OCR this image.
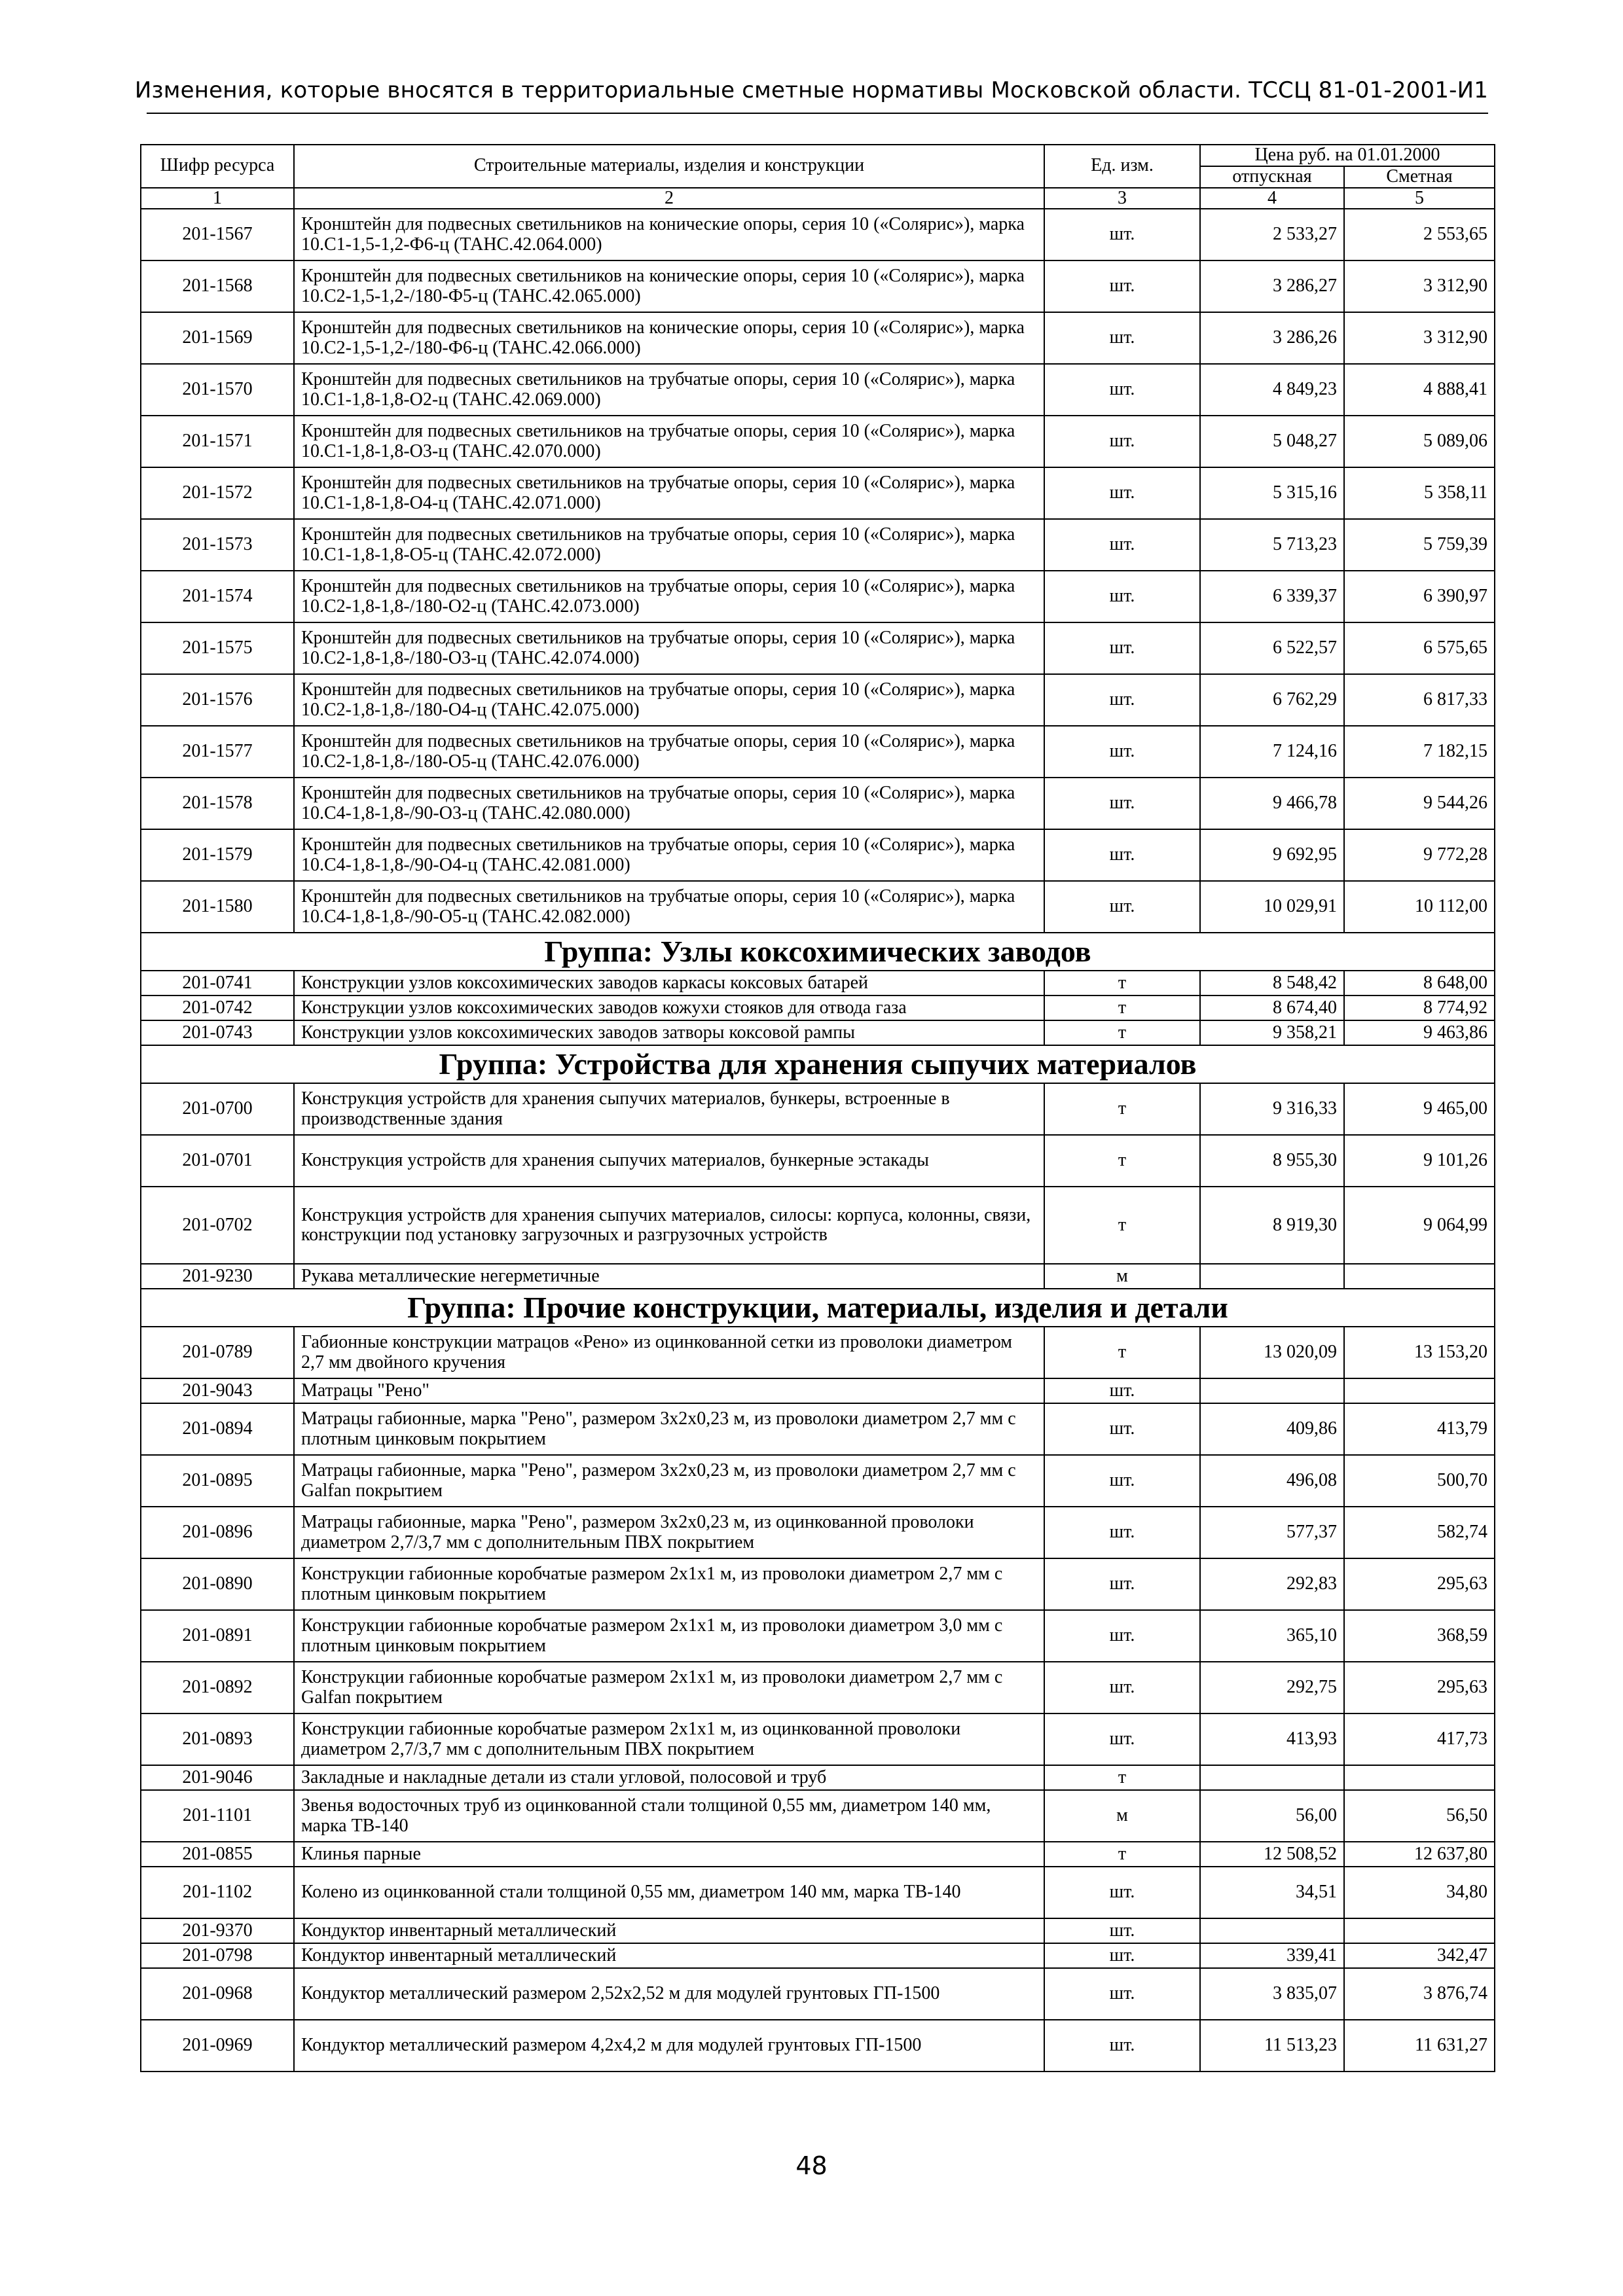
Изменения, которые вносятся в территориальные сметные нормативы Московской области. ТССЦ 81-01-2001-И1
Шифр ресурса	Строительные материалы, изделия и конструкции	Ед. изм.	Цена руб. на 01.01.2000	
			отпускная	Сметная
1	2	3	4	5
201-1567	Кронштейн для подвесных светильников на конические опоры, серия 10 («Солярис»), марка 10.С1-1,5-1,2-Ф6-ц (ТАНС.42.064.000)	шт.	2 533,27	2 553,65
201-1568	Кронштейн для подвесных светильников на конические опоры, серия 10 («Солярис»), марка 10.С2-1,5-1,2-/180-Ф5-ц (ТАНС.42.065.000)	шт.	3 286,27	3 312,90
201-1569	Кронштейн для подвесных светильников на конические опоры, серия 10 («Солярис»), марка 10.С2-1,5-1,2-/180-Ф6-ц (ТАНС.42.066.000)	шт.	3 286,26	3 312,90
201-1570	Кронштейн для подвесных светильников на трубчатые опоры, серия 10 («Солярис»), марка 10.С1-1,8-1,8-О2-ц (ТАНС.42.069.000)	шт.	4 849,23	4 888,41
201-1571	Кронштейн для подвесных светильников на трубчатые опоры, серия 10 («Солярис»), марка 10.С1-1,8-1,8-О3-ц (ТАНС.42.070.000)	шт.	5 048,27	5 089,06
201-1572	Кронштейн для подвесных светильников на трубчатые опоры, серия 10 («Солярис»), марка 10.С1-1,8-1,8-О4-ц (ТАНС.42.071.000)	шт.	5 315,16	5 358,11
201-1573	Кронштейн для подвесных светильников на трубчатые опоры, серия 10 («Солярис»), марка 10.С1-1,8-1,8-О5-ц (ТАНС.42.072.000)	шт.	5 713,23	5 759,39
201-1574	Кронштейн для подвесных светильников на трубчатые опоры, серия 10 («Солярис»), марка 10.С2-1,8-1,8-/180-О2-ц (ТАНС.42.073.000)	шт.	6 339,37	6 390,97
201-1575	Кронштейн для подвесных светильников на трубчатые опоры, серия 10 («Солярис»), марка 10.С2-1,8-1,8-/180-О3-ц (ТАНС.42.074.000)	шт.	6 522,57	6 575,65
201-1576	Кронштейн для подвесных светильников на трубчатые опоры, серия 10 («Солярис»), марка 10.С2-1,8-1,8-/180-О4-ц (ТАНС.42.075.000)	шт.	6 762,29	6 817,33
201-1577	Кронштейн для подвесных светильников на трубчатые опоры, серия 10 («Солярис»), марка 10.С2-1,8-1,8-/180-О5-ц (ТАНС.42.076.000)	шт.	7 124,16	7 182,15
201-1578	Кронштейн для подвесных светильников на трубчатые опоры, серия 10 («Солярис»), марка 10.С4-1,8-1,8-/90-О3-ц (ТАНС.42.080.000)	шт.	9 466,78	9 544,26
201-1579	Кронштейн для подвесных светильников на трубчатые опоры, серия 10 («Солярис»), марка 10.С4-1,8-1,8-/90-О4-ц (ТАНС.42.081.000)	шт.	9 692,95	9 772,28
201-1580	Кронштейн для подвесных светильников на трубчатые опоры, серия 10 («Солярис»), марка 10.С4-1,8-1,8-/90-О5-ц (ТАНС.42.082.000)	шт.	10 029,91	10 112,00
Группа: Узлы коксохимических заводов				
201-0741	Конструкции узлов коксохимических заводов каркасы коксовых батарей	т	8 548,42	8 648,00
201-0742	Конструкции узлов коксохимических заводов кожухи стояков для отвода газа	т	8 674,40	8 774,92
201-0743	Конструкции узлов коксохимических заводов затворы коксовой рампы	т	9 358,21	9 463,86
Группа: Устройства для хранения сыпучих материалов				
201-0700	Конструкция устройств для хранения сыпучих материалов, бункеры, встроенные в производственные здания	т	9 316,33	9 465,00
201-0701	Конструкция устройств для хранения сыпучих материалов, бункерные эстакады	т	8 955,30	9 101,26
201-0702	Конструкция устройств для хранения сыпучих материалов, силосы: корпуса, колонны, связи, конструкции под установку загрузочных и разгрузочных устройств	т	8 919,30	9 064,99
201-9230	Рукава металлические негерметичные	м		
Группа: Прочие конструкции, материалы, изделия и детали				
201-0789	Габионные конструкции матрацов «Рено» из оцинкованной сетки из проволоки диаметром 2,7 мм двойного кручения	т	13 020,09	13 153,20
201-9043	Матрацы "Рено"	шт.		
201-0894	Матрацы габионные, марка "Рено", размером 3х2х0,23 м, из проволоки диаметром 2,7 мм с плотным цинковым покрытием	шт.	409,86	413,79
201-0895	Матрацы габионные, марка "Рено", размером 3х2х0,23 м, из проволоки диаметром 2,7 мм с Galfan покрытием	шт.	496,08	500,70
201-0896	Матрацы габионные, марка "Рено", размером 3х2х0,23 м, из оцинкованной проволоки диаметром 2,7/3,7 мм с дополнительным ПВХ покрытием	шт.	577,37	582,74
201-0890	Конструкции габионные коробчатые размером 2х1х1 м, из проволоки диаметром 2,7 мм с плотным цинковым покрытием	шт.	292,83	295,63
201-0891	Конструкции габионные коробчатые размером 2х1х1 м, из проволоки диаметром 3,0 мм с плотным цинковым покрытием	шт.	365,10	368,59
201-0892	Конструкции габионные коробчатые размером 2х1х1 м, из проволоки диаметром 2,7 мм с Galfan покрытием	шт.	292,75	295,63
201-0893	Конструкции габионные коробчатые размером 2х1х1 м, из оцинкованной проволоки диаметром 2,7/3,7 мм с дополнительным ПВХ покрытием	шт.	413,93	417,73
201-9046	Закладные и накладные детали из стали угловой, полосовой и труб	т		
201-1101	Звенья водосточных труб из оцинкованной стали толщиной 0,55 мм, диаметром 140 мм, марка ТВ-140	м	56,00	56,50
201-0855	Клинья парные	т	12 508,52	12 637,80
201-1102	Колено из оцинкованной стали толщиной 0,55 мм, диаметром 140 мм, марка ТВ-140	шт.	34,51	34,80
201-9370	Кондуктор инвентарный металлический	шт.		
201-0798	Кондуктор инвентарный металлический	шт.	339,41	342,47
201-0968	Кондуктор металлический размером 2,52х2,52 м для модулей грунтовых ГП-1500	шт.	3 835,07	3 876,74
201-0969	Кондуктор металлический размером 4,2х4,2 м для модулей грунтовых ГП-1500	шт.	11 513,23	11 631,27
48
